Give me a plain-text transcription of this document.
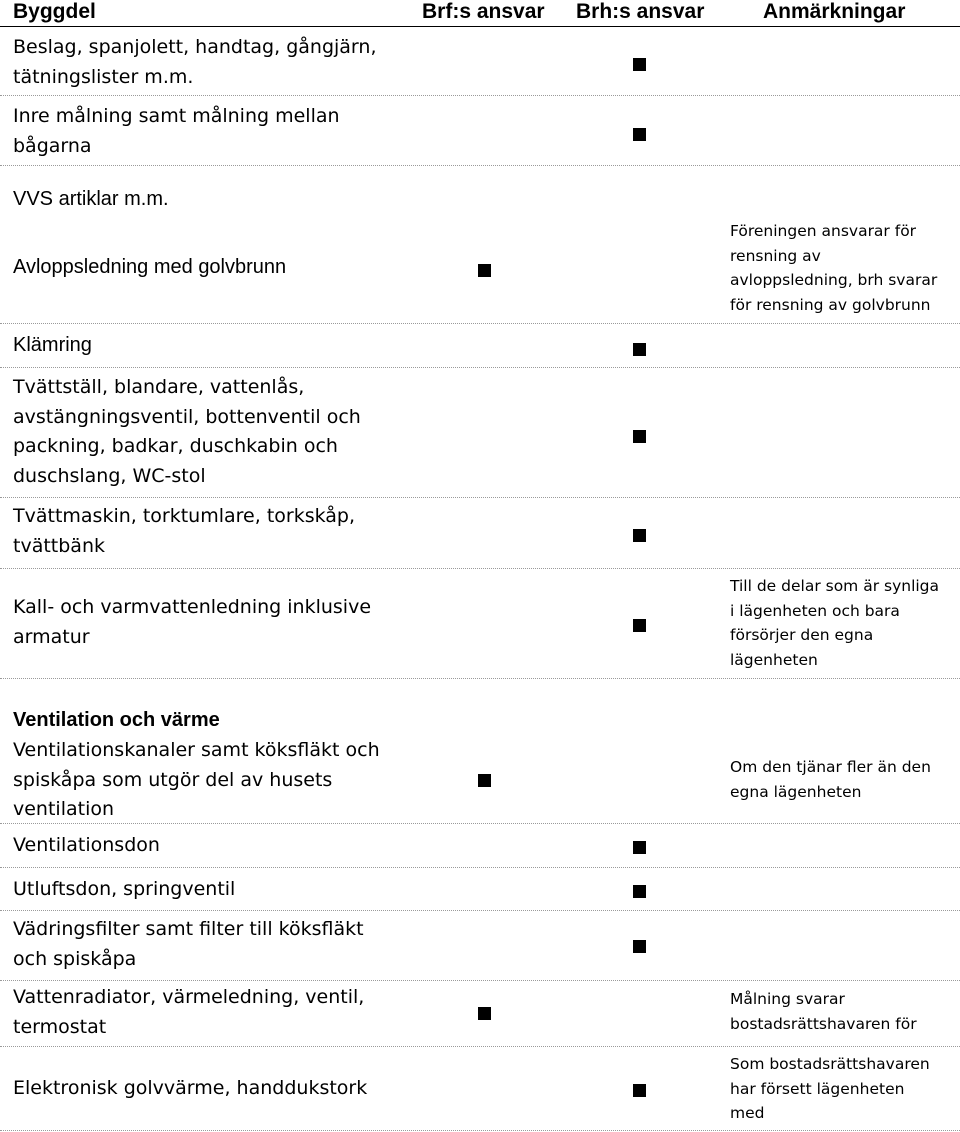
Byggdel	Brf:s ansvar Brh:s ansvar	Anmärkningar

Beslag, spanjolett, handtag, gångjärn,
tätningslister m.m.

Inre målning samt målning mellan
bågarna

VVS artiklar m.m.

Avloppsledning med golvbrunn

Föreningen ansvarar för
rensning av
avloppsledning, brh svarar
för rensning av golvbrunn

Klämring

Tvättställ, blandare, vattenlås,
avstängningsventil, bottenventil och
packning, badkar, duschkabin och
duschslang, WC-stol

Tvättmaskin, torktumlare, torkskåp,
tvättbänk

Kall- och varmvattenledning inklusive
armatur

Till de delar som är synliga
i lägenheten och bara
försörjer den egna
lägenheten

Ventilation och värme

Ventilationskanaler samt köksfläkt och
spiskåpa som utgör del av husets
ventilation

Om den tjänar fler än den
egna lägenheten

Ventilationsdon

Utluftsdon, springventil

Vädringsfilter samt filter till köksfläkt
och spiskåpa

Vattenradiator, värmeledning, ventil,
termostat

Målning svarar
bostadsrättshavaren för

Elektronisk golvvärme, handdukstork

Som bostadsrättshavaren
har försett lägenheten
med
